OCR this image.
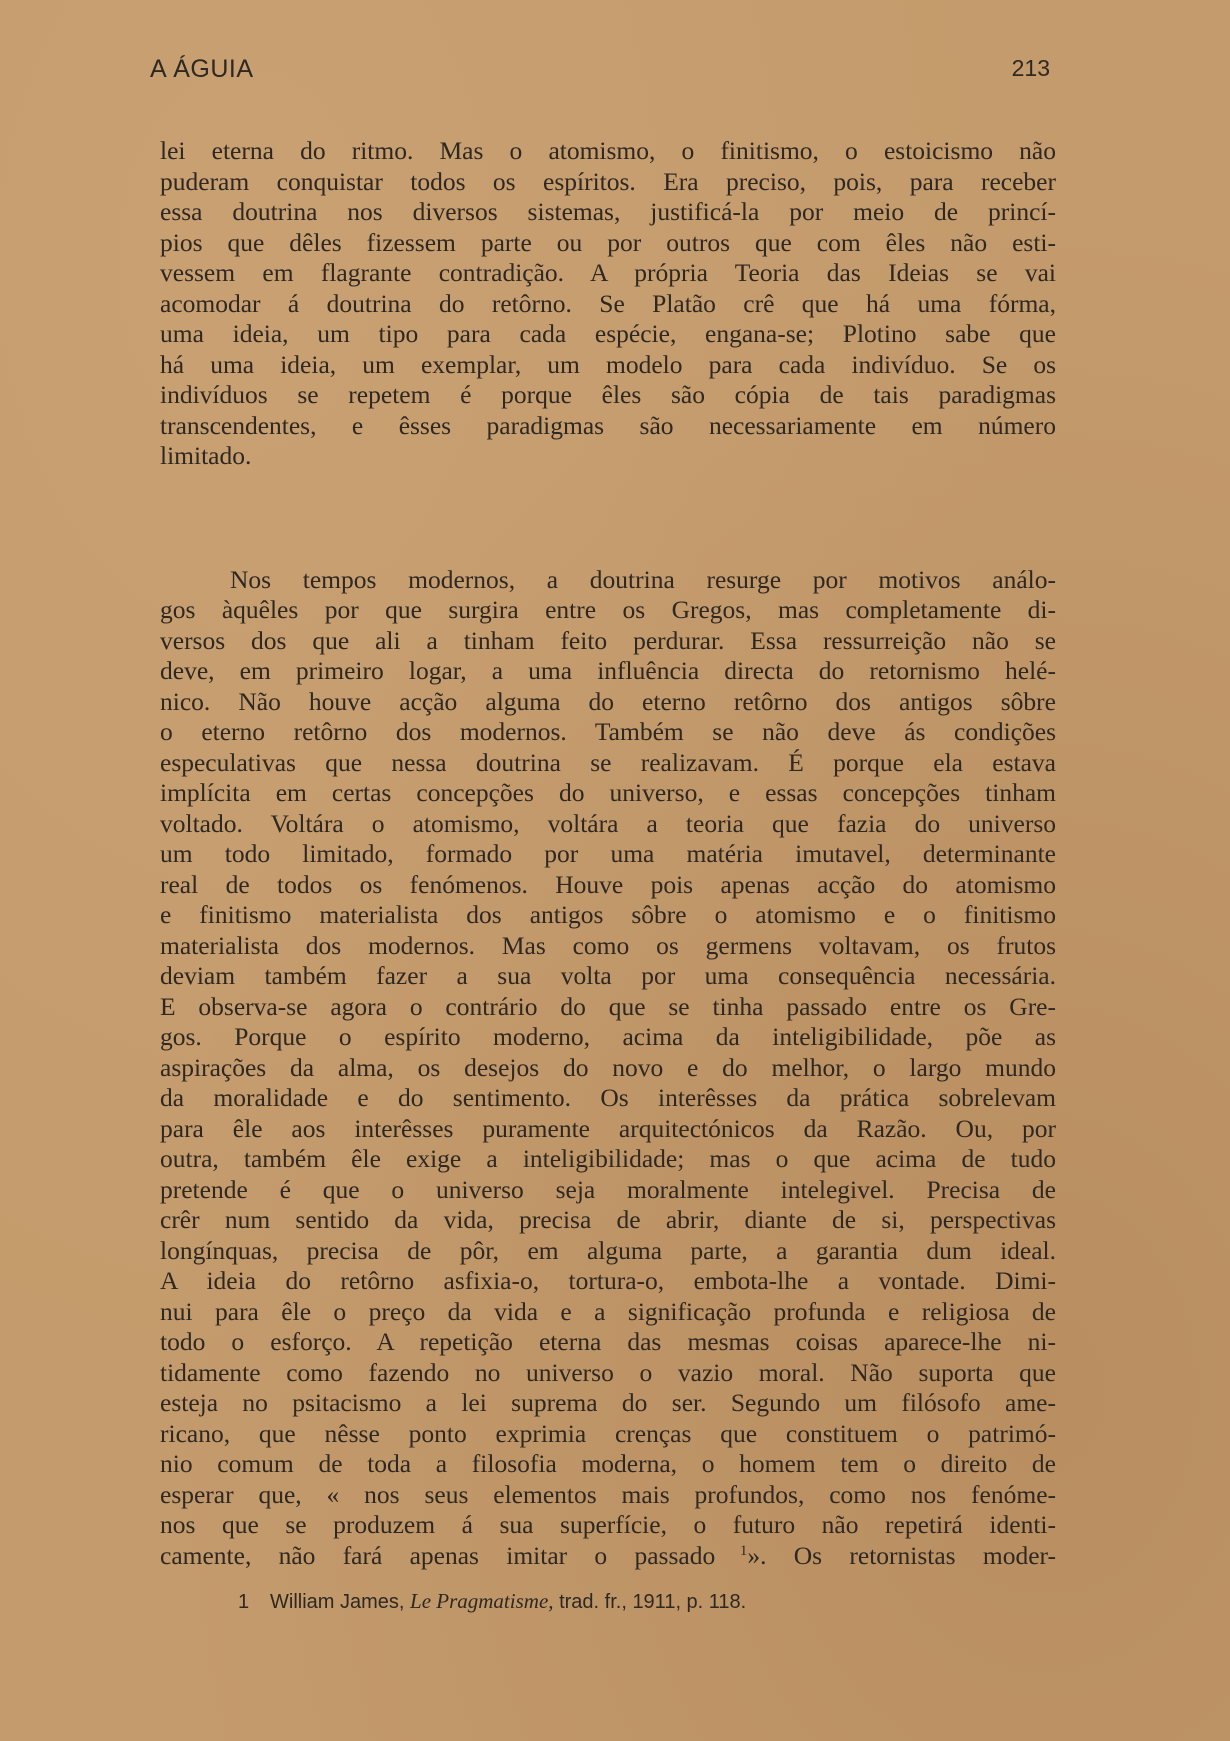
A ÁGUIA	213
lei eterna do ritmo. Mas o atomismo, o finitismo, o estoicismo não
puderam conquistar todos os espíritos. Era preciso, pois, para receber
essa doutrina nos diversos sistemas, justificá-la por meio de princí-
pios que dêles fizessem parte ou por outros que com êles não esti-
vessem em flagrante contradição. A própria Teoria das Ideias se vai
acomodar á doutrina do retôrno. Se Platão crê que há uma fórma,
uma ideia, um tipo para cada espécie, engana-se; Plotino sabe que
há uma ideia, um exemplar, um modelo para cada indivíduo. Se os
indivíduos se repetem é porque êles são cópia de tais paradigmas
transcendentes, e êsses paradigmas são necessariamente em número
limitado.
Nos tempos modernos, a doutrina resurge por motivos análo-
gos àquêles por que surgira entre os Gregos, mas completamente di-
versos dos que ali a tinham feito perdurar. Essa ressurreição não se
deve, em primeiro logar, a uma influência directa do retornismo helé-
nico. Não houve acção alguma do eterno retôrno dos antigos sôbre
o eterno retôrno dos modernos. Também se não deve ás condições
especulativas que nessa doutrina se realizavam. É porque ela estava
implícita em certas concepções do universo, e essas concepções tinham
voltado. Voltára o atomismo, voltára a teoria que fazia do universo
um todo limitado, formado por uma matéria imutavel, determinante
real de todos os fenómenos. Houve pois apenas acção do atomismo
e finitismo materialista dos antigos sôbre o atomismo e o finitismo
materialista dos modernos. Mas como os germens voltavam, os frutos
deviam também fazer a sua volta por uma consequência necessária.
E observa-se agora o contrário do que se tinha passado entre os Gre-
gos. Porque o espírito moderno, acima da inteligibilidade, põe as
aspirações da alma, os desejos do novo e do melhor, o largo mundo
da moralidade e do sentimento. Os interêsses da prática sobrelevam
para êle aos interêsses puramente arquitectónicos da Razão. Ou, por
outra, também êle exige a inteligibilidade; mas o que acima de tudo
pretende é que o universo seja moralmente intelegivel. Precisa de
crêr num sentido da vida, precisa de abrir, diante de si, perspectivas
longínquas, precisa de pôr, em alguma parte, a garantia dum ideal.
A ideia do retôrno asfixia-o, tortura-o, embota-lhe a vontade. Dimi-
nui para êle o preço da vida e a significação profunda e religiosa de
todo o esforço. A repetição eterna das mesmas coisas aparece-lhe ni-
tidamente como fazendo no universo o vazio moral. Não suporta que
esteja no psitacismo a lei suprema do ser. Segundo um filósofo ame-
ricano, que nêsse ponto exprimia crenças que constituem o patrimó-
nio comum de toda a filosofia moderna, o homem tem o direito de
esperar que, « nos seus elementos mais profundos, como nos fenóme-
nos que se produzem á sua superfície, o futuro não repetirá identi-
camente, não fará apenas imitar o passado $^1$». Os retornistas moder-
1 William James, Le Pragmatisme, trad. fr., 1911, p. 118.
